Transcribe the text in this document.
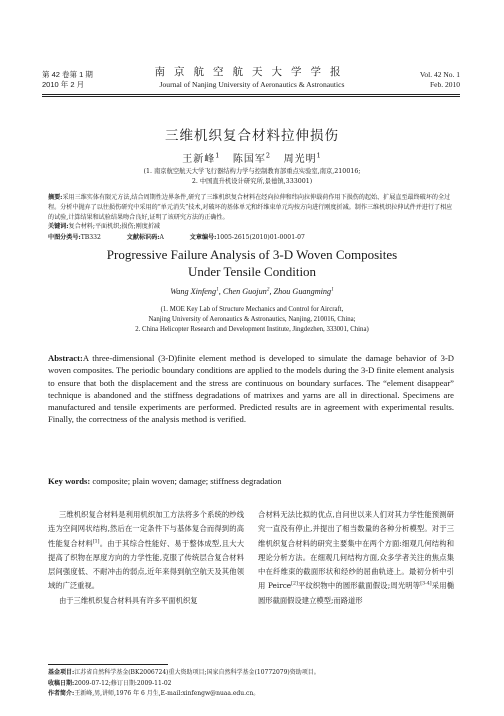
第 42 卷第 1 期
2010 年 2 月
南京航空航天大学学报
Journal of Nanjing University of Aeronautics & Astronautics
Vol. 42 No. 1
Feb. 2010
三维机织复合材料拉伸损伤
王新峰$^1$ 陈国军$^2$ 周光明$^1$
(1. 南京航空航天大学飞行器结构力学与控制教育部重点实验室,南京,210016;
2. 中国直升机设计研究所,景德镇,333001)
摘要:采用三维实体有限元方法,结合周期性边界条件,研究了三维机织复合材料在经向拉伸和纬向拉伸载荷作用下损伤的起始、扩展直至最终破坏的全过程。分析中抛弃了以往损伤研究中采用的“单元消失”技术,对破坏的基体单元和纤维束单元均按方向进行刚度折减。制作三维机织拉伸试件并进行了相应的试验,计算结果和试验结果吻合良好,证明了该研究方法的正确性。
关键词:复合材料;平面机织;损伤;刚度折减
中图分类号:TB332	文献标识码:A	文章编号:1005-2615(2010)01-0001-07
Progressive Failure Analysis of 3-D Woven Composites
Under Tensile Condition
Wang Xinfeng$^1$, Chen Guojun$^2$, Zhou Guangming$^1$
(1. MOE Key Lab of Structure Mechanics and Control for Aircraft,
Nanjing University of Aeronautics & Astronautics, Nanjing, 210016, China;
2. China Helicopter Research and Development Institute, Jingdezhen, 333001, China)
Abstract:A three-dimensional (3-D)finite element method is developed to simulate the damage behavior of 3-D woven composites. The periodic boundary conditions are applied to the models during the 3-D finite element analysis to ensure that both the displacement and the stress are continuous on boundary surfaces. The “element disappear” technique is abandoned and the stiffness degradations of matrixes and yarns are all in directional. Specimens are manufactured and tensile experiments are performed. Predicted results are in agreement with experimental results. Finally, the correctness of the analysis method is verified.
Key words: composite; plain woven; damage; stiffness degradation

三维机织复合材料是利用机织加工方法将多个系统的纱线连为空间网状结构,然后在一定条件下与基体复合而得到的高性能复合材料[1]。由于其综合性能好、易于整体成型,且大大提高了织物在厚度方向的力学性能,克服了传统层合复合材料层间强度低、不耐冲击的弱点,近年来得到航空航天及其他领域的广泛重视。

由于三维机织复合材料具有许多平面机织复

合材料无法比拟的优点,自问世以来人们对其力学性能预测研究一直没有停止,并提出了相当数量的各种分析模型。对于三维机织复合材料的研究主要集中在两个方面:细观几何结构和理论分析方法。在细观几何结构方面,众多学者关注的焦点集中在纤维束的截面形状和经纱的屈曲轨迹上。最初分析中引用 Peirce[2]平纹织物中的圆形截面假设;周光明等[3-4]采用椭圆形截面假设建立模型;而路道形

基金项目:江苏省自然科学基金(BK2006724)重大资助项目;国家自然科学基金(10772079)资助项目。
收稿日期:2009-07-12;修订日期:2009-11-02
作者简介:王新峰,男,讲师,1976 年 6 月生,E-mail:xinfengw@nuaa.edu.cn。
